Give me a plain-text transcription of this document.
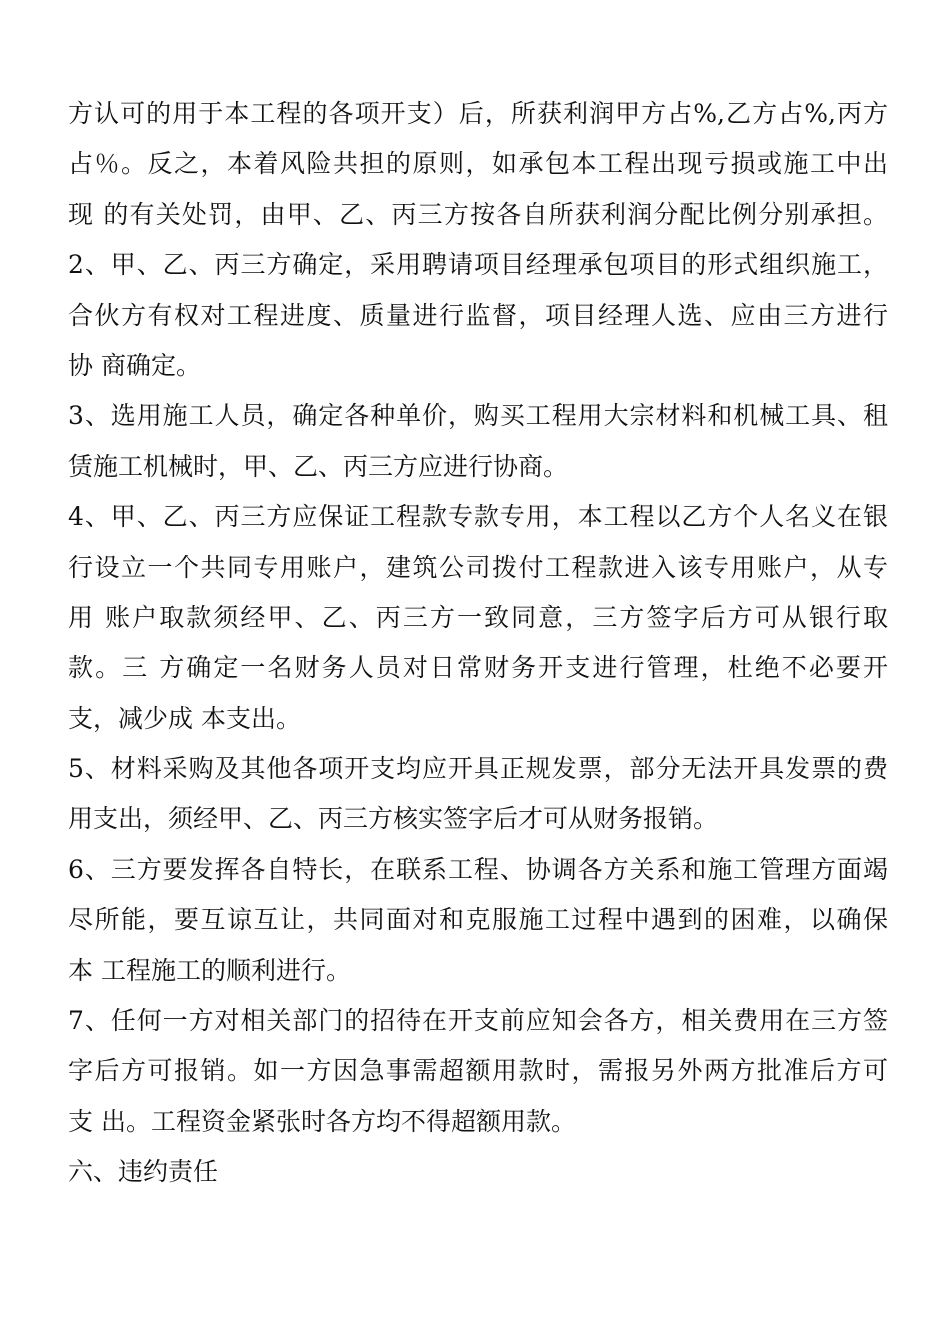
方认可的用于本工程的各项开支）后，所获利润甲方占%,乙方占%,丙方
占％。反之，本着风险共担的原则，如承包本工程出现亏损或施工中出
现 的有关处罚，由甲、乙、丙三方按各自所获利润分配比例分别承担。
2、甲、乙、丙三方确定，采用聘请项目经理承包项目的形式组织施工，
合伙方有权对工程进度、质量进行监督，项目经理人选、应由三方进行
协 商确定。
3、选用施工人员，确定各种单价，购买工程用大宗材料和机械工具、租
赁施工机械时，甲、乙、丙三方应进行协商。
4、甲、乙、丙三方应保证工程款专款专用，本工程以乙方个人名义在银
行设立一个共同专用账户，建筑公司拨付工程款进入该专用账户，从专
用 账户取款须经甲、乙、丙三方一致同意，三方签字后方可从银行取
款。三 方确定一名财务人员对日常财务开支进行管理，杜绝不必要开
支，减少成 本支出。
5、材料采购及其他各项开支均应开具正规发票，部分无法开具发票的费
用支出，须经甲、乙、丙三方核实签字后才可从财务报销。
6、三方要发挥各自特长，在联系工程、协调各方关系和施工管理方面竭
尽所能，要互谅互让，共同面对和克服施工过程中遇到的困难，以确保
本 工程施工的顺利进行。
7、任何一方对相关部门的招待在开支前应知会各方，相关费用在三方签
字后方可报销。如一方因急事需超额用款时，需报另外两方批准后方可
支 出。工程资金紧张时各方均不得超额用款。
六、违约责任
